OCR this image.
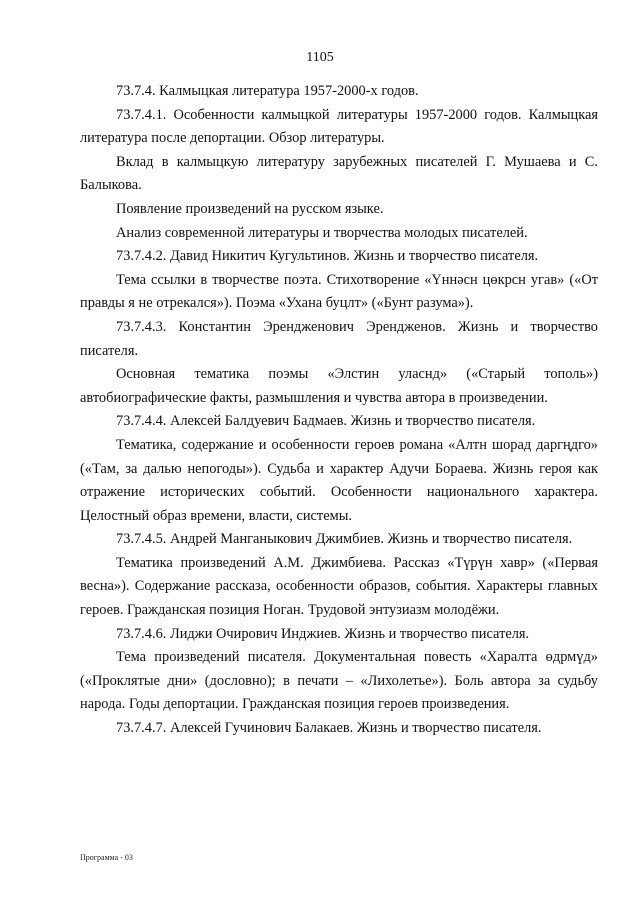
1105

73.7.4. Калмыцкая литература 1957-2000-х годов.

73.7.4.1. Особенности калмыцкой литературы 1957-2000 годов. Калмыцкая литература после депортации. Обзор литературы.

Вклад в калмыцкую литературу зарубежных писателей Г. Мушаева и С. Балыкова.

Появление произведений на русском языке.

Анализ современной литературы и творчества молодых писателей.

73.7.4.2. Давид Никитич Кугультинов. Жизнь и творчество писателя.

Тема ссылки в творчестве поэта. Стихотворение «Үннәсн цөкрсн угав» («От правды я не отрекался»). Поэма «Ухана буцлт» («Бунт разума»).

73.7.4.3. Константин Эрендженович Эрендженов. Жизнь и творчество писателя.

Основная тематика поэмы «Элстин уласнд» («Старый тополь») автобиографические факты, размышления и чувства автора в произведении.

73.7.4.4. Алексей Балдуевич Бадмаев. Жизнь и творчество писателя.

Тематика, содержание и особенности героев романа «Алтн шорад даргңдго» («Там, за далью непогоды»). Судьба и характер Адучи Бораева. Жизнь героя как отражение исторических событий. Особенности национального характера. Целостный образ времени, власти, системы.

73.7.4.5. Андрей Манганыкович Джимбиев. Жизнь и творчество писателя.

Тематика произведений А.М. Джимбиева. Рассказ «Түрүн хавр» («Первая весна»). Содержание рассказа, особенности образов, события. Характеры главных героев. Гражданская позиция Ноган. Трудовой энтузиазм молодёжи.

73.7.4.6. Лиджи Очирович Инджиев. Жизнь и творчество писателя.

Тема произведений писателя. Документальная повесть «Харалта өдрмүд» («Проклятые дни» (дословно); в печати – «Лихолетье»). Боль автора за судьбу народа. Годы депортации. Гражданская позиция героев произведения.

73.7.4.7. Алексей Гучинович Балакаев. Жизнь и творчество писателя.

Программа - 03
